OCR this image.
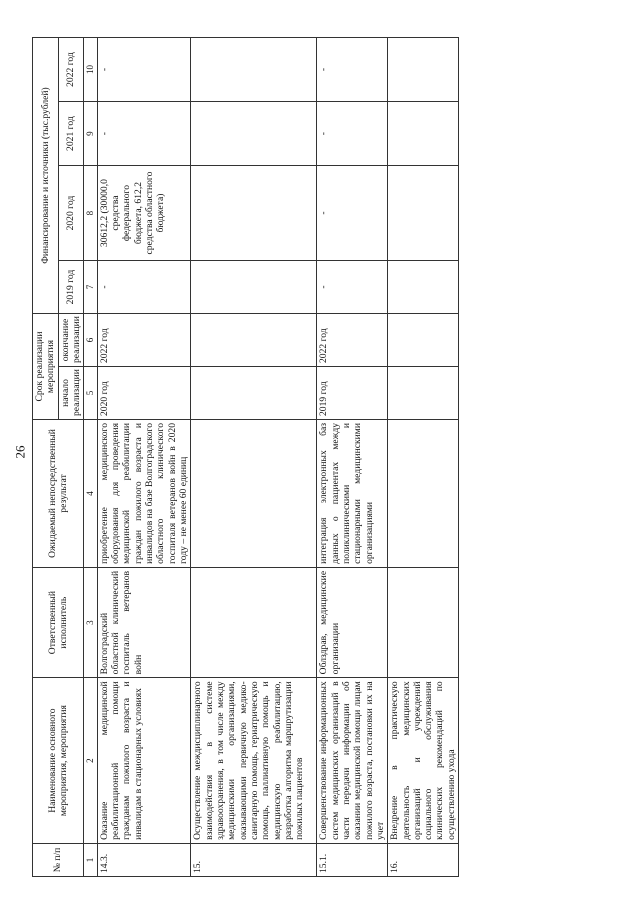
26
№ п/п	Наименование основного мероприятия, мероприятия	Ответственный исполнитель	Ожидаемый непосредственный результат	Срок реализации мероприятия		Финансирование и источники (тыс.рублей)			
				начало реализации	окончание реализации	2019 год	2020 год	2021 год	2022 год
1	2	3	4	5	6	7	8	9	10
14.3.	Оказание медицинской реабилитационной помощи гражданам пожилого возраста и инвалидам в стационарных условиях	Волгоградский областной клинический госпиталь ветеранов войн	приобретение медицинского оборудования для проведения медицинской реабилитации граждан пожилого возраста и инвалидов на базе Волгоградского областного клинического госпиталя ветеранов войн в 2020 году – не менее 60 единиц	2020 год	2022 год	-	30612,2 (30000,0 средства федерального бюджета, 612,2 средства областного бюджета)	-	-
15.	Осуществление междисциплинарного взаимодействия в системе здравоохранения, в том числе между медицинскими организациями, оказывающими первичную медико-санитарную помощь, гериатрическую помощь, паллиативную помощь и медицинскую реабилитацию, разработка алгоритма маршрутизации пожилых пациентов								
15.1.	Совершенствование информационных систем медицинских организаций в части передачи информации об оказании медицинской помощи лицам пожилого возраста, постановки их на учет	Облздрав, медицинские организации	интеграция электронных баз данных о пациентах между поликлиническими и стационарными медицинскими организациями	2019 год	2022 год	-	-	-	-
16.	Внедрение в практическую деятельность медицинских организаций и учреждений социального обслуживания клинических рекомендаций по осуществлению ухода								
